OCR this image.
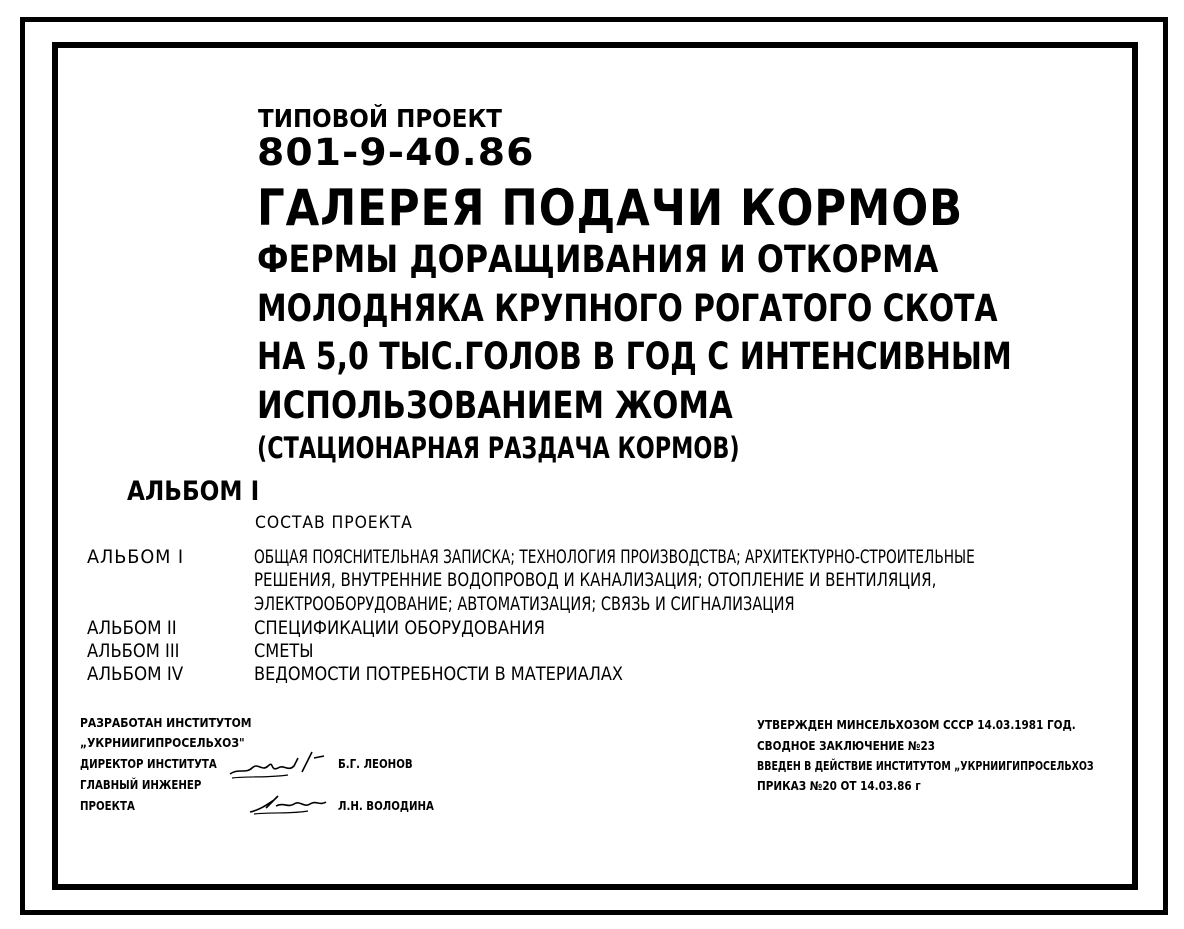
ТИПОВОЙ ПРОЕКТ
801-9-40.86
ГАЛЕРЕЯ ПОДАЧИ КОРМОВ
ФЕРМЫ ДОРАЩИВАНИЯ И ОТКОРМА
МОЛОДНЯКА КРУПНОГО РОГАТОГО СКОТА
НА 5,0 ТЫС.ГОЛОВ В ГОД С ИНТЕНСИВНЫМ
ИСПОЛЬЗОВАНИЕМ ЖОМА
(СТАЦИОНАРНАЯ РАЗДАЧА КОРМОВ)
АЛЬБОМ I
СОСТАВ ПРОЕКТА
АЛЬБОМ I	ОБЩАЯ ПОЯСНИТЕЛЬНАЯ ЗАПИСКА; ТЕХНОЛОГИЯ ПРОИЗВОДСТВА; АРХИТЕКТУРНО-СТРОИТЕЛЬНЫЕ
РЕШЕНИЯ, ВНУТРЕННИЕ ВОДОПРОВОД И КАНАЛИЗАЦИЯ; ОТОПЛЕНИЕ И ВЕНТИЛЯЦИЯ,
ЭЛЕКТРООБОРУДОВАНИЕ; АВТОМАТИЗАЦИЯ; СВЯЗЬ И СИГНАЛИЗАЦИЯ
АЛЬБОМ II	СПЕЦИФИКАЦИИ ОБОРУДОВАНИЯ
АЛЬБОМ III	СМЕТЫ
АЛЬБОМ IV	ВЕДОМОСТИ ПОТРЕБНОСТИ В МАТЕРИАЛАХ
РАЗРАБОТАН ИНСТИТУТОМ
„УКРНИИГИПРОСЕЛЬХОЗ"
ДИРЕКТОР ИНСТИТУТА
ГЛАВНЫЙ ИНЖЕНЕР
ПРОЕКТА
Б.Г. ЛЕОНОВ
Л.Н. ВОЛОДИНА
УТВЕРЖДЕН МИНСЕЛЬХОЗОМ СССР 14.03.1981 ГОД.
СВОДНОЕ ЗАКЛЮЧЕНИЕ №23
ВВЕДЕН В ДЕЙСТВИЕ ИНСТИТУТОМ „УКРНИИГИПРОСЕЛЬХОЗ
ПРИКАЗ №20 ОТ 14.03.86 г
